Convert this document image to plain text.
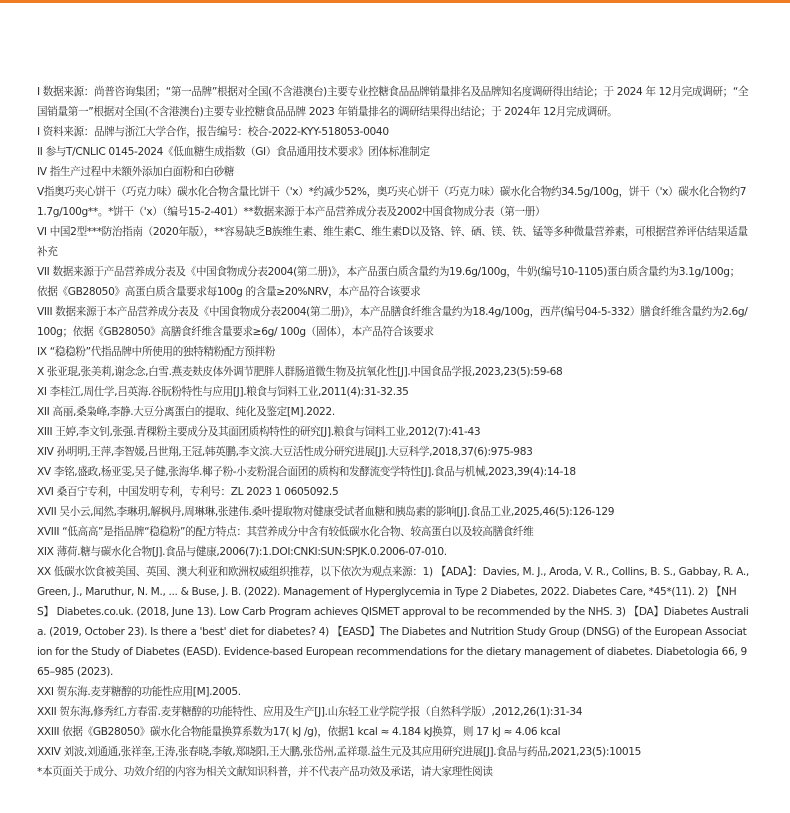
I 数据来源：尚普咨询集团；“第一品牌”根据对全国(不含港澳台)主要专业控糖食品品牌销量排名及品牌知名度调研得出结论；于 2024 年 12月完成调研；“全国销量第一”根据对全国(不含港澳台)主要专业控糖食品品牌 2023 年销量排名的调研结果得出结论；于 2024年 12月完成调研。
I 资料来源：品牌与浙江大学合作，报告编号：校合-2022-KYY-518053-0040
II 参与T/CNLIC 0145-2024《低血糖生成指数（GI）食品通用技术要求》团体标准制定
IV 指生产过程中未额外添加白面粉和白砂糖
V指奥巧夹心饼干（巧克力味）碳水化合物含量比饼干（'x）*约减少52%，奥巧夹心饼干（巧克力味）碳水化合物约34.5g/100g，饼干（'x）碳水化合物约71.7g/100g**。*饼干（'x）（编号15-2-401）**数据来源于本产品营养成分表及2002中国食物成分表（第一册）
VI 中国2型***防治指南（2020年版），**容易缺乏B族维生素、维生素C、维生素D以及铬、锌、硒、镁、铁、锰等多种微量营养素，可根据营养评估结果适量补充
VII 数据来源于产品营养成分表及《中国食物成分表2004(第二册)》，本产品蛋白质含量约为19.6g/100g，牛奶(编号10-1105)蛋白质含量约为3.1g/100g；依据《GB28050》高蛋白质含量要求每100g 的含量≥20%NRV，本产品符合该要求
VIII 数据来源于本产品营养成分表及《中国食物成分表2004(第二册)》，本产品膳食纤维含量约为18.4g/100g，西芹(编号04-5-332）膳食纤维含量约为2.6g/100g；依据《GB28050》高膳食纤维含量要求≥6g/ 100g（固体），本产品符合该要求
IX “稳稳粉”代指品牌中所使用的独特精粉配方预拌粉
X 张亚琨,张美莉,谢念念,白雪.燕麦麸皮体外调节肥胖人群肠道微生物及抗氧化性[J].中国食品学报,2023,23(5):59-68
XI 李桂江,周仕学,吕英海.谷朊粉特性与应用[J].粮食与饲料工业,2011(4):31-32.35
XII 高丽,桑枭峰,李静.大豆分离蛋白的提取、纯化及鉴定[M].2022.
XIII 王婷,李文钊,张强.青稞粉主要成分及其面团质构特性的研究[J].粮食与饲料工业,2012(7):41-43
XIV 孙明明,王萍,李智媛,吕世翔,王冠,韩英鹏,李文滨.大豆活性成分研究进展[J].大豆科学,2018,37(6):975-983
XV 李铭,盛政,杨亚雯,吴子健,张海华.椰子粉-小麦粉混合面团的质构和发酵流变学特性[J].食品与机械,2023,39(4):14-18
XVI 桑百宁专利，中国发明专利，专利号：ZL 2023 1 0605092.5
XVII 吴小云,闻然,李琳玥,解枫丹,周琳琳,张建伟.桑叶提取物对健康受试者血糖和胰岛素的影响[J].食品工业,2025,46(5):126-129
XVIII “低高高”是指品牌“稳稳粉”的配方特点：其营养成分中含有较低碳水化合物、较高蛋白以及较高膳食纤维
XIX 薄荷.糖与碳水化合物[J].食品与健康,2006(7):1.DOI:CNKI:SUN:SPJK.0.2006-07-010.
XX 低碳水饮食被美国、英国、澳大利亚和欧洲权威组织推荐，以下依次为观点来源：1) 【ADA】：Davies, M. J., Aroda, V. R., Collins, B. S., Gabbay, R. A., Green, J., Maruthur, N. M., ... & Buse, J. B. (2022). Management of Hyperglycemia in Type 2 Diabetes, 2022. Diabetes Care, *45*(11). 2) 【NHS】 Diabetes.co.uk. (2018, June 13). Low Carb Program achieves QISMET approval to be recommended by the NHS. 3) 【DA】Diabetes Australia. (2019, October 23). Is there a 'best' diet for diabetes? 4) 【EASD】The Diabetes and Nutrition Study Group (DNSG) of the European Association for the Study of Diabetes (EASD). Evidence-based European recommendations for the dietary management of diabetes. Diabetologia 66, 965–985 (2023).
XXI 贺东海.麦芽糖醇的功能性应用[M].2005.
XXII 贺东海,修秀红,方春雷.麦芽糖醇的功能特性、应用及生产[J].山东轻工业学院学报（自然科学版）,2012,26(1):31-34
XXIII 依据《GB28050》碳水化合物能量换算系数为17( kJ /g)，依据1 kcal ≈ 4.184 kJ换算，则 17 kJ ≈ 4.06 kcal
XXIV 刘波,刘通通,张祥奎,王涛,张春晓,李敏,郑晓阳,王大鹏,张岱州,孟祥璟.益生元及其应用研究进展[J].食品与药品,2021,23(5):10015
*本页面关于成分、功效介绍的内容为相关文献知识科普，并不代表产品功效及承诺，请大家理性阅读
